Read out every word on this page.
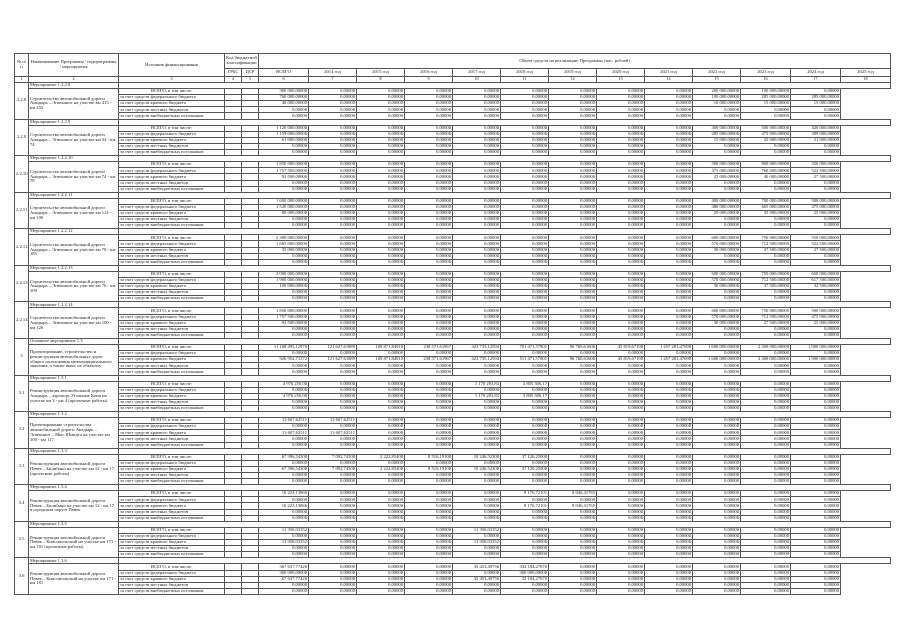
№ п/п	Наименование Программы / подпрограммы / мероприятия	Источник финансирования	Код бюджетной классификации		Объем средств на реализацию Программы (тыс. рублей)												
			ГРБС	ЦСР	ВСЕГО	2014 год	2015 год	2016 год	2017 год	2018 год	2019 год	2020 год	2021 год	2022 год	2023 год	2024 год	2025 год
1	2	3	4	5	6	7	8	9	10	11	12	13	14	15	16	17	18
2.2.8	Мероприятие 1.2.2.8																
	Строительство автомобильной дороги Анадырь – Эгвекинот на участке км 415 - км 455	ВСЕГО, в том числе:			300 000,00000	0,00000	0,00000	0,00000	0,00000	0,00000	0,00000	0,00000	0,00000	200 000,00000	100 000,00000	0,00000	
		за счет средств федерального бюджета			760 000,00000	0,00000	0,00000	0,00000	0,00000	0,00000	0,00000	0,00000	0,00000	190 000,00000	285 000,00000	285 000,00000	
		за счет средств краевого бюджета			40 000,00000	0,00000	0,00000	0,00000	0,00000	0,00000	0,00000	0,00000	0,00000	10 000,00000	15 000,00000	15 000,00000	
		за счет средств местных бюджетов			0,00000	0,00000	0,00000	0,00000	0,00000	0,00000	0,00000	0,00000	0,00000	0,00000	0,00000	0,00000	
		за счет средств внебюджетных источников			0,00000	0,00000	0,00000	0,00000	0,00000	0,00000	0,00000	0,00000	0,00000	0,00000	0,00000	0,00000	
2.2.9	Мероприятие 1.2.2.9																
	Строительство автомобильной дороги Анадырь – Эгвекинот на участке км 34 - км 74	ВСЕГО, в том числе:			1 120 000,00000	0,00000	0,00000	0,00000	0,00000	0,00000	0,00000	0,00000	0,00000	300 000,00000	500 000,00000	420 000,00000	
		за счет средств федерального бюджета			1 159 000,00000	0,00000	0,00000	0,00000	0,00000	0,00000	0,00000	0,00000	0,00000	285 000,00000	475 000,00000	399 000,00000	
		за счет средств краевого бюджета			61 000,00000	0,00000	0,00000	0,00000	0,00000	0,00000	0,00000	0,00000	0,00000	15 000,00000	25 000,00000	21 000,00000	
		за счет средств местных бюджетов			0,00000	0,00000	0,00000	0,00000	0,00000	0,00000	0,00000	0,00000	0,00000	0,00000	0,00000	0,00000	
		за счет средств внебюджетных источников			0,00000	0,00000	0,00000	0,00000	0,00000	0,00000	0,00000	0,00000	0,00000	0,00000	0,00000	0,00000	
2.2.10	Мероприятие 1.2.2.10																
	Строительство автомобильной дороги Анадырь – Эгвекинот на участке км 74 - км 78	ВСЕГО, в том числе:			1 850 000,00000	0,00000	0,00000	0,00000	0,00000	0,00000	0,00000	0,00000	0,00000	500 000,00000	800 000,00000	550 000,00000	
		за счет средств федерального бюджета			1 757 500,00000	0,00000	0,00000	0,00000	0,00000	0,00000	0,00000	0,00000	0,00000	475 000,00000	760 000,00000	522 500,00000	
		за счет средств краевого бюджета			92 500,00000	0,00000	0,00000	0,00000	0,00000	0,00000	0,00000	0,00000	0,00000	25 000,00000	40 000,00000	27 500,00000	
		за счет средств местных бюджетов			0,00000	0,00000	0,00000	0,00000	0,00000	0,00000	0,00000	0,00000	0,00000	0,00000	0,00000	0,00000	
		за счет средств внебюджетных источников			0,00000	0,00000	0,00000	0,00000	0,00000	0,00000	0,00000	0,00000	0,00000	0,00000	0,00000	0,00000	
2.2.11	Мероприятие 1.2.2.11																
	Строительство автомобильной дороги Анадырь – Эгвекинот на участке км 114 - км 190	ВСЕГО, в том числе:			1 600 000,00000	0,00000	0,00000	0,00000	0,00000	0,00000	0,00000	0,00000	0,00000	400 000,00000	700 000,00000	500 000,00000	
		за счет средств федерального бюджета			1 520 000,00000	0,00000	0,00000	0,00000	0,00000	0,00000	0,00000	0,00000	0,00000	380 000,00000	665 000,00000	475 000,00000	
		за счет средств краевого бюджета			80 000,00000	0,00000	0,00000	0,00000	0,00000	0,00000	0,00000	0,00000	0,00000	20 000,00000	35 000,00000	25 000,00000	
		за счет средств местных бюджетов			0,00000	0,00000	0,00000	0,00000	0,00000	0,00000	0,00000	0,00000	0,00000	0,00000	0,00000	0,00000	
		за счет средств внебюджетных источников			0,00000	0,00000	0,00000	0,00000	0,00000	0,00000	0,00000	0,00000	0,00000	0,00000	0,00000	0,00000	
2.2.12	Мероприятие 1.2.2.12																
	Строительство автомобильной дороги Анадырь – Эгвекинот на участке км 78 - км 185	ВСЕГО, в том числе:			2 300 000,00000	0,00000	0,00000	0,00000	0,00000	0,00000	0,00000	0,00000	0,00000	600 000,00000	750 000,00000	550 000,00000	
		за счет средств федерального бюджета			1 665 000,00000	0,00000	0,00000	0,00000	0,00000	0,00000	0,00000	0,00000	0,00000	570 000,00000	712 500,00000	522 500,00000	
		за счет средств краевого бюджета			35 000,00000	0,00000	0,00000	0,00000	0,00000	0,00000	0,00000	0,00000	0,00000	30 000,00000	37 500,00000	27 500,00000	
		за счет средств местных бюджетов			0,00000	0,00000	0,00000	0,00000	0,00000	0,00000	0,00000	0,00000	0,00000	0,00000	0,00000	0,00000	
		за счет средств внебюджетных источников			0,00000	0,00000	0,00000	0,00000	0,00000	0,00000	0,00000	0,00000	0,00000	0,00000	0,00000	0,00000	
2.2.13	Мероприятие 1.2.2.13																
	Строительство автомобильной дороги Анадырь – Эгвекинот на участке км 76 - км 109	ВСЕГО, в том числе:			2 000 000,00000	0,00000	0,00000	0,00000	0,00000	0,00000	0,00000	0,00000	0,00000	600 000,00000	750 000,00000	650 000,00000	
		за счет средств федерального бюджета			1 900 000,00000	0,00000	0,00000	0,00000	0,00000	0,00000	0,00000	0,00000	0,00000	570 000,00000	712 500,00000	617 500,00000	
		за счет средств краевого бюджета			100 000,00000	0,00000	0,00000	0,00000	0,00000	0,00000	0,00000	0,00000	0,00000	30 000,00000	37 500,00000	32 500,00000	
		за счет средств местных бюджетов			0,00000	0,00000	0,00000	0,00000	0,00000	0,00000	0,00000	0,00000	0,00000	0,00000	0,00000	0,00000	
		за счет средств внебюджетных источников			0,00000	0,00000	0,00000	0,00000	0,00000	0,00000	0,00000	0,00000	0,00000	0,00000	0,00000	0,00000	
2.2.14	Мероприятие 1.2.2.14																
	Строительство автомобильной дороги Анадырь – Эгвекинот на участке км 100 - км 120	ВСЕГО, в том числе:			1 850 000,00000	0,00000	0,00000	0,00000	0,00000	0,00000	0,00000	0,00000	0,00000	600 000,00000	750 000,00000	500 000,00000	
		за счет средств федерального бюджета			1 757 500,00000	0,00000	0,00000	0,00000	0,00000	0,00000	0,00000	0,00000	0,00000	570 000,00000	712 500,00000	475 000,00000	
		за счет средств краевого бюджета			92 500,00000	0,00000	0,00000	0,00000	0,00000	0,00000	0,00000	0,00000	0,00000	30 000,00000	37 500,00000	25 000,00000	
		за счет средств местных бюджетов			0,00000	0,00000	0,00000	0,00000	0,00000	0,00000	0,00000	0,00000	0,00000	0,00000	0,00000	0,00000	
		за счет средств внебюджетных источников			0,00000	0,00000	0,00000	0,00000	0,00000	0,00000	0,00000	0,00000	0,00000	0,00000	0,00000	0,00000	
3	Основное мероприятие 1.3																
	Проектирование, строительство и реконструкция автомобильных дорог общего пользования межмуниципального значения, а также иных их объектов	ВСЕГО, в том числе:			11 168 495,12976	121 627,61889	169 871,84910	238 571,61967	423 735,12594	701 471,57801	96 760,61606	45 819,67190	1 457 281,47698	1 600 000,00000	2 300 000,00000	1 900 000,00000	
		за счет средств федерального бюджета			0,00000	0,00000	0,00000	0,00000	0,00000	0,00000	0,00000	0,00000	0,00000	0,00000	0,00000	0,00000	
		за счет средств краевого бюджета			926 952,71372	121 627,61889	169 871,84910	238 571,61967	423 735,12594	511 471,57801	96 760,61606	45 819,67190	1 457 281,47698	1 600 000,00000	2 300 000,00000	1 900 000,00000	
		за счет средств местных бюджетов			0,00000	0,00000	0,00000	0,00000	0,00000	0,00000	0,00000	0,00000	0,00000	0,00000	0,00000	0,00000	
		за счет средств внебюджетных источников			0,00000	0,00000	0,00000	0,00000	0,00000	0,00000	0,00000	0,00000	0,00000	0,00000	0,00000	0,00000	
3.1	Мероприятие 1.3.1																
	Реконструкция автомобильной дороги Анадырь – аэропорт Угольные Копи на участке км 3 - км 4 (проектные работы)	ВСЕГО, в том числе:			4 976 250,00	0,00000	0,00000	0,00000	1 170 283,83	3 805 306,17	0,00000	0,00000	0,00000	0,00000	0,00000	0,00000	
		за счет средств федерального бюджета			0,00000	0,00000	0,00000	0,00000	0,00000	0,00000	0,00000	0,00000	0,00000	0,00000	0,00000	0,00000	
		за счет средств краевого бюджета			4 976 250,00	0,00000	0,00000	0,00000	1 170 283,83	3 805 306,17	0,00000	0,00000	0,00000	0,00000	0,00000	0,00000	
		за счет средств местных бюджетов			0,00000	0,00000	0,00000	0,00000	0,00000	0,00000	0,00000	0,00000	0,00000	0,00000	0,00000	0,00000	
		за счет средств внебюджетных источников			0,00000	0,00000	0,00000	0,00000	0,00000	0,00000	0,00000	0,00000	0,00000	0,00000	0,00000	0,00000	
3.2	Мероприятие 1.3.2																
	Проектирование строительства автомобильной дороги Анадырь – Эгвекинот – Мыс Шмидта на участке км 100 - км 117	ВСЕГО, в том числе:			13 607,62511	13 607,62511	0,00000	0,00000	0,00000	0,00000	0,00000	0,00000	0,00000	0,00000	0,00000	0,00000	
		за счет средств федерального бюджета			0,00000	0,00000	0,00000	0,00000	0,00000	0,00000	0,00000	0,00000	0,00000	0,00000	0,00000	0,00000	
		за счет средств краевого бюджета			13 607,62511	13 607,62511	0,00000	0,00000	0,00000	0,00000	0,00000	0,00000	0,00000	0,00000	0,00000	0,00000	
		за счет средств местных бюджетов			0,00000	0,00000	0,00000	0,00000	0,00000	0,00000	0,00000	0,00000	0,00000	0,00000	0,00000	0,00000	
		за счет средств внебюджетных источников			0,00000	0,00000	0,00000	0,00000	0,00000	0,00000	0,00000	0,00000	0,00000	0,00000	0,00000	0,00000	
3.3	Мероприятие 1.3.3																
	Реконструкция автомобильной дороги Певек – Билибино на участке км 12 - км 17 (проектные работы)	ВСЕГО, в том числе:			67 396,54300	7 092,74500	2 222,85400	8 516,19100	10 246,52300	37 126,25000	0,00000	0,00000	0,00000	0,00000	0,00000	0,00000	
		за счет средств федерального бюджета			0,00000	0,00000	0,00000	0,00000	0,00000	0,00000	0,00000	0,00000	0,00000	0,00000	0,00000	0,00000	
		за счет средств краевого бюджета			67 396,54300	7 092,74500	2 222,85400	8 516,19100	10 246,52300	37 126,25000	0,00000	0,00000	0,00000	0,00000	0,00000	0,00000	
		за счет средств местных бюджетов			0,00000	0,00000	0,00000	0,00000	0,00000	0,00000	0,00000	0,00000	0,00000	0,00000	0,00000	0,00000	
		за счет средств внебюджетных источников			0,00000	0,00000	0,00000	0,00000	0,00000	0,00000	0,00000	0,00000	0,00000	0,00000	0,00000	0,00000	
3.4	Мероприятие 1.3.4																
	Реконструкция автомобильной дороги Певек – Билибино на участке км 12 - км 17 в городском округе Певек	ВСЕГО, в том числе:			16 223,13866	0,00000	0,00000	0,00000	0,00000	8 176,72101	8 046,41765	0,00000	0,00000	0,00000	0,00000	0,00000	
		за счет средств федерального бюджета			0,00000	0,00000	0,00000	0,00000	0,00000	0,00000	0,00000	0,00000	0,00000	0,00000	0,00000	0,00000	
		за счет средств краевого бюджета			16 223,13866	0,00000	0,00000	0,00000	0,00000	8 176,72101	8 046,41765	0,00000	0,00000	0,00000	0,00000	0,00000	
		за счет средств местных бюджетов			0,00000	0,00000	0,00000	0,00000	0,00000	0,00000	0,00000	0,00000	0,00000	0,00000	0,00000	0,00000	
		за счет средств внебюджетных источников			0,00000	0,00000	0,00000	0,00000	0,00000	0,00000	0,00000	0,00000	0,00000	0,00000	0,00000	0,00000	
3.5	Мероприятие 1.3.5																
	Реконструкция автомобильной дороги Певек – Комсомольский на участке км 171 - км 181 (проектные работы)	ВСЕГО, в том числе:			11 350,03352	0,00000	0,00000	0,00000	11 350,03352	0,00000	0,00000	0,00000	0,00000	0,00000	0,00000	0,00000	
		за счет средств федерального бюджета			0,00000	0,00000	0,00000	0,00000	0,00000	0,00000	0,00000	0,00000	0,00000	0,00000	0,00000	0,00000	
		за счет средств краевого бюджета			11 350,03352	0,00000	0,00000	0,00000	11 350,03352	0,00000	0,00000	0,00000	0,00000	0,00000	0,00000	0,00000	
		за счет средств местных бюджетов			0,00000	0,00000	0,00000	0,00000	0,00000	0,00000	0,00000	0,00000	0,00000	0,00000	0,00000	0,00000	
		за счет средств внебюджетных источников			0,00000	0,00000	0,00000	0,00000	0,00000	0,00000	0,00000	0,00000	0,00000	0,00000	0,00000	0,00000	
3.6	Мероприятие 1.3.6																
	Реконструкция автомобильной дороги Певек – Комсомольский на участке км 171 - км 181	ВСЕГО, в том числе:			367 637,77426	0,00000	0,00000	0,00000	35 453,49756	332 184,27670	0,00000	0,00000	0,00000	0,00000	0,00000	0,00000	
		за счет средств федерального бюджета			300 000,00000	0,00000	0,00000	0,00000	0,00000	300 000,00000	0,00000	0,00000	0,00000	0,00000	0,00000	0,00000	
		за счет средств краевого бюджета			67 637,77426	0,00000	0,00000	0,00000	35 453,49756	32 184,27670	0,00000	0,00000	0,00000	0,00000	0,00000	0,00000	
		за счет средств местных бюджетов			0,00000	0,00000	0,00000	0,00000	0,00000	0,00000	0,00000	0,00000	0,00000	0,00000	0,00000	0,00000	
		за счет средств внебюджетных источников			0,00000	0,00000	0,00000	0,00000	0,00000	0,00000	0,00000	0,00000	0,00000	0,00000	0,00000	0,00000	
